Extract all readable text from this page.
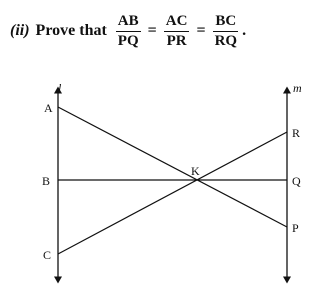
(ii) Prove that $\frac{AB}{PQ} = \frac{AC}{PR} = \frac{BC}{RQ}$ .
l	m
A
B
C
K
R
Q
P
